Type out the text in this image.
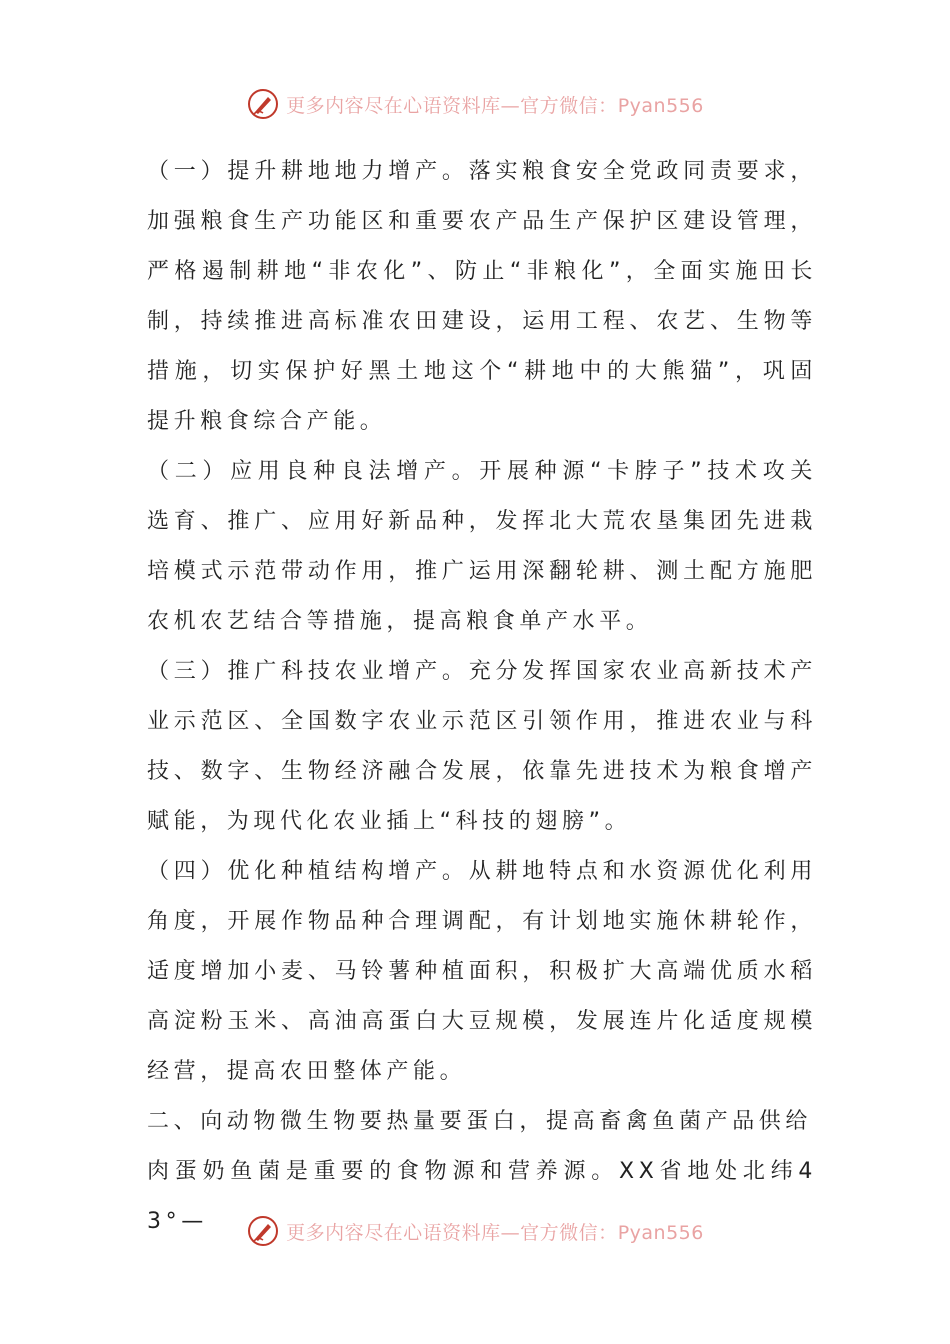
更多内容尽在心语资料库—官方微信：Pyan556

（一）提升耕地地力增产。落实粮食安全党政同责要求，加强粮食生产功能区和重要农产品生产保护区建设管理，严格遏制耕地“非农化”、防止“非粮化”，全面实施田长制，持续推进高标准农田建设，运用工程、农艺、生物等措施，切实保护好黑土地这个“耕地中的大熊猫”，巩固提升粮食综合产能。

（二）应用良种良法增产。开展种源“卡脖子”技术攻关选育、推广、应用好新品种，发挥北大荒农垦集团先进栽培模式示范带动作用，推广运用深翻轮耕、测土配方施肥农机农艺结合等措施，提高粮食单产水平。

（三）推广科技农业增产。充分发挥国家农业高新技术产业示范区、全国数字农业示范区引领作用，推进农业与科技、数字、生物经济融合发展，依靠先进技术为粮食增产赋能，为现代化农业插上“科技的翅膀”。

（四）优化种植结构增产。从耕地特点和水资源优化利用角度，开展作物品种合理调配，有计划地实施休耕轮作，适度增加小麦、马铃薯种植面积，积极扩大高端优质水稻高淀粉玉米、高油高蛋白大豆规模，发展连片化适度规模经营，提高农田整体产能。

二、向动物微生物要热量要蛋白，提高畜禽鱼菌产品供给

肉蛋奶鱼菌是重要的食物源和营养源。XX省地处北纬43°—	更多内容尽在心语资料库—官方微信：Pyan556
